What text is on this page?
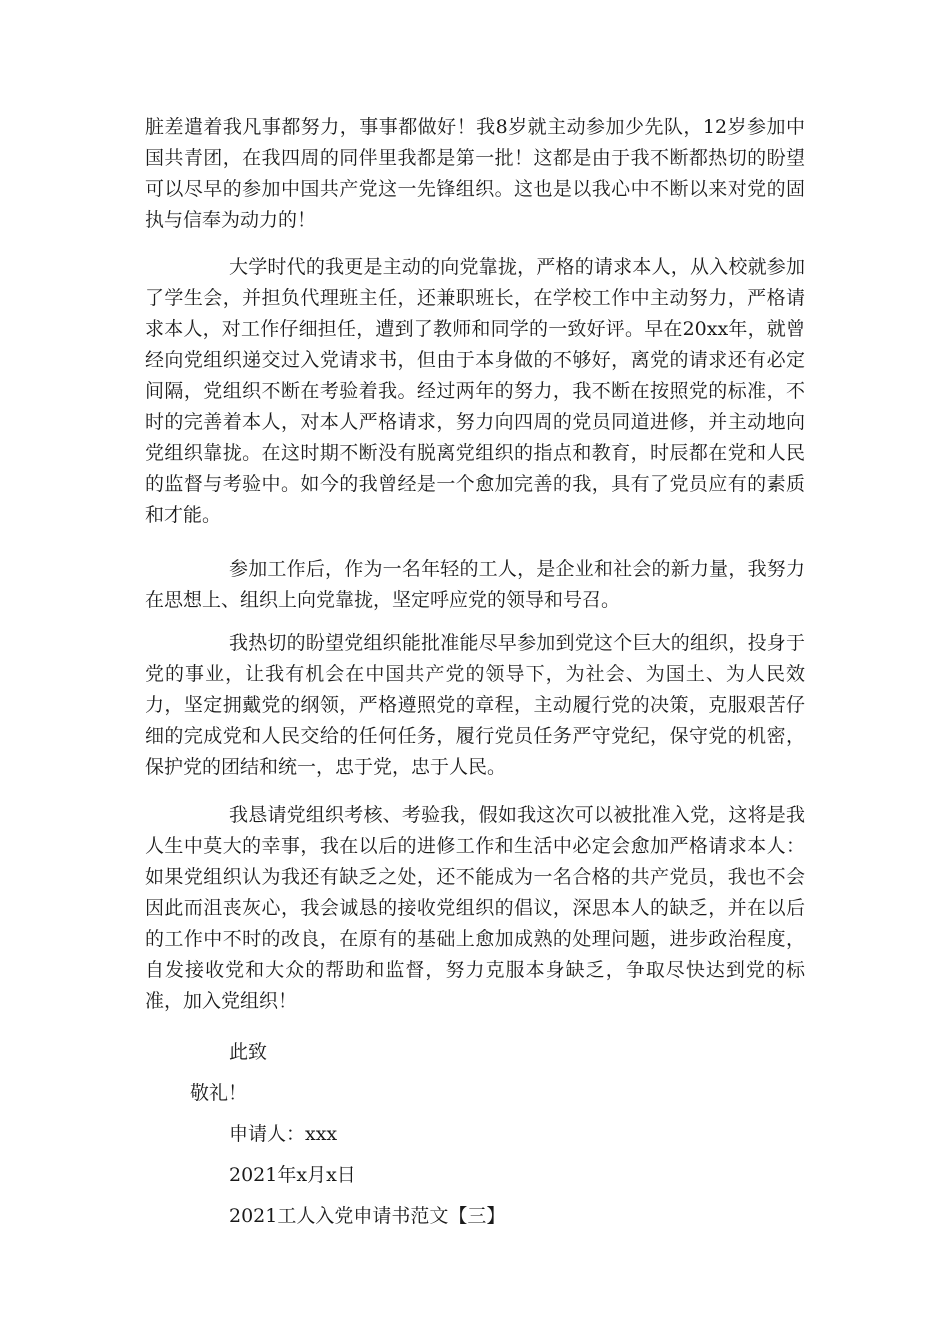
脏差遣着我凡事都努力，事事都做好！我8岁就主动参加少先队，12岁参加中国共青团，在我四周的同伴里我都是第一批！这都是由于我不断都热切的盼望可以尽早的参加中国共产党这一先锋组织。这也是以我心中不断以来对党的固执与信奉为动力的！

大学时代的我更是主动的向党靠拢，严格的请求本人，从入校就参加了学生会，并担负代理班主任，还兼职班长，在学校工作中主动努力，严格请求本人，对工作仔细担任，遭到了教师和同学的一致好评。早在20xx年，就曾经向党组织递交过入党请求书，但由于本身做的不够好，离党的请求还有必定间隔，党组织不断在考验着我。经过两年的努力，我不断在按照党的标准，不时的完善着本人，对本人严格请求，努力向四周的党员同道进修，并主动地向党组织靠拢。在这时期不断没有脱离党组织的指点和教育，时辰都在党和人民的监督与考验中。如今的我曾经是一个愈加完善的我，具有了党员应有的素质和才能。

参加工作后，作为一名年轻的工人，是企业和社会的新力量，我努力在思想上、组织上向党靠拢，坚定呼应党的领导和号召。

我热切的盼望党组织能批准能尽早参加到党这个巨大的组织，投身于党的事业，让我有机会在中国共产党的领导下，为社会、为国土、为人民效力，坚定拥戴党的纲领，严格遵照党的章程，主动履行党的决策，克服艰苦仔细的完成党和人民交给的任何任务，履行党员任务严守党纪，保守党的机密，保护党的团结和统一，忠于党，忠于人民。

我恳请党组织考核、考验我，假如我这次可以被批准入党，这将是我人生中莫大的幸事，我在以后的进修工作和生活中必定会愈加严格请求本人：如果党组织认为我还有缺乏之处，还不能成为一名合格的共产党员，我也不会因此而沮丧灰心，我会诚恳的接收党组织的倡议，深思本人的缺乏，并在以后的工作中不时的改良，在原有的基础上愈加成熟的处理问题，进步政治程度，自发接收党和大众的帮助和监督，努力克服本身缺乏，争取尽快达到党的标准，加入党组织！

此致

敬礼！

申请人：xxx

2021年x月x日

2021工人入党申请书范文【三】
